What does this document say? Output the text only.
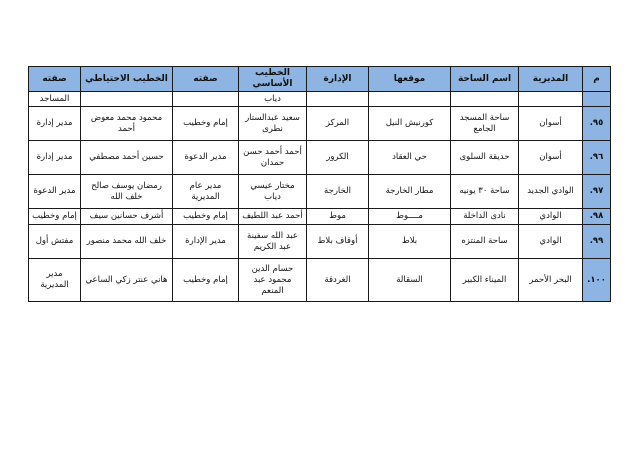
م	المديرية	اسم الساحة	موقعها	الإدارة	الخطيب الأساسي	صفته	الخطيب الاحتياطي	صفته
					دياب			المساجد
.٩٥	أسوان	ساحة المسجد الجامع	كورنيش النيل	المركز	سعيد عبدالستار نطرى	إمام وخطيب	محمود محمد معوض أحمد	مدير إدارة
.٩٦	أسوان	حديقة السلوى	حي العقاد	الكرور	أحمد أحمد حسن حمدان	مدير الدعوة	حسين أحمد مصطفي	مدير إدارة
.٩٧	الوادي الجديد	ساحة ٣٠ يونيه	مطار الخارجة	الخارجة	مختار عيسي دياب	مدير عام المديرية	رمضان يوسف صالح خلف الله	مدير الدعوة
.٩٨	الوادي	نادى الداخلة	مــــوط	موط	أحمد عبد اللطيف	إمام وخطيب	أشرف حسانين سيف	إمام وخطيب
.٩٩	الوادي	ساحة المنتزه	بلاط	أوقاف بلاط	عبد الله سفينة عبد الكريم	مدير الإدارة	خلف الله محمد منصور	مفتش أول
.١٠٠	البحر الأحمر	الميناء الكبير	السقالة	الغردقة	حسام الدين محمود عبد المنعم	إمام وخطيب	هاني عنتر زكي الساعي	مدير المديرية
